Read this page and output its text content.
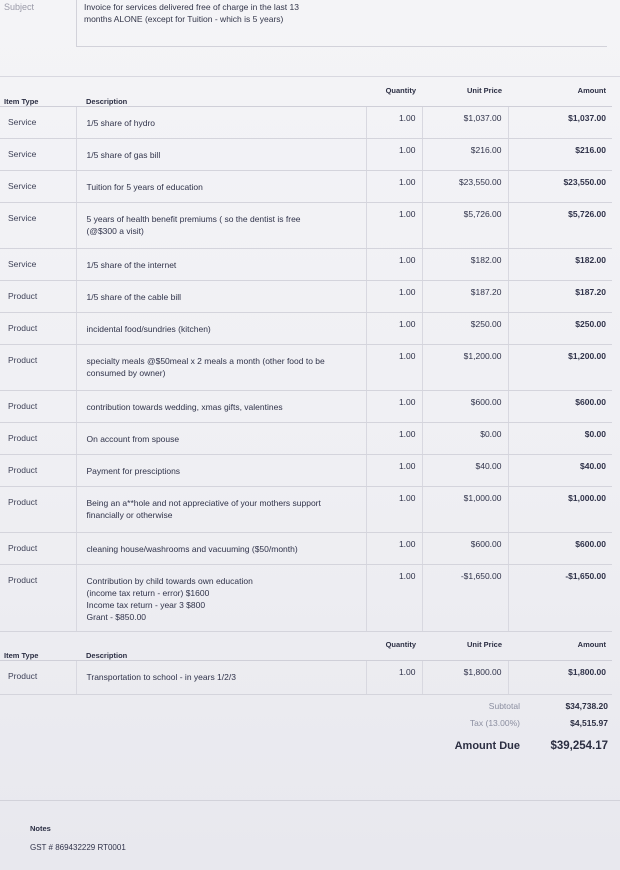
Subject	Invoice for services delivered free of charge in the last 13 months ALONE (except for Tuition - which is 5 years)
Item Type	Description	Quantity	Unit Price	Amount
Service	1/5 share of hydro	1.00	$1,037.00	$1,037.00
Service	1/5 share of gas bill	1.00	$216.00	$216.00
Service	Tuition for 5 years of education	1.00	$23,550.00	$23,550.00
Service	5 years of health benefit premiums ( so the dentist is free
(@$300 a visit)	1.00	$5,726.00	$5,726.00
Service	1/5 share of the internet	1.00	$182.00	$182.00
Product	1/5 share of the cable bill	1.00	$187.20	$187.20
Product	incidental food/sundries (kitchen)	1.00	$250.00	$250.00
Product	specialty meals @$50meal x 2 meals a month (other food to be
consumed by owner)	1.00	$1,200.00	$1,200.00
Product	contribution towards wedding, xmas gifts, valentines	1.00	$600.00	$600.00
Product	On account from spouse	1.00	$0.00	$0.00
Product	Payment for presciptions	1.00	$40.00	$40.00
Product	Being an a**hole and not appreciative of your mothers support
financially or otherwise	1.00	$1,000.00	$1,000.00
Product	cleaning house/washrooms and vacuuming ($50/month)	1.00	$600.00	$600.00
Product	Contribution by child towards own education
(income tax return - error) $1600
Income tax return - year 3 $800
Grant - $850.00	1.00	-$1,650.00	-$1,650.00
Item Type	Description	Quantity	Unit Price	Amount
Product	Transportation to school - in years 1/2/3	1.00	$1,800.00	$1,800.00
Subtotal	$34,738.20
Tax (13.00%)	$4,515.97
Amount Due	$39,254.17
Notes
GST # 869432229 RT0001
